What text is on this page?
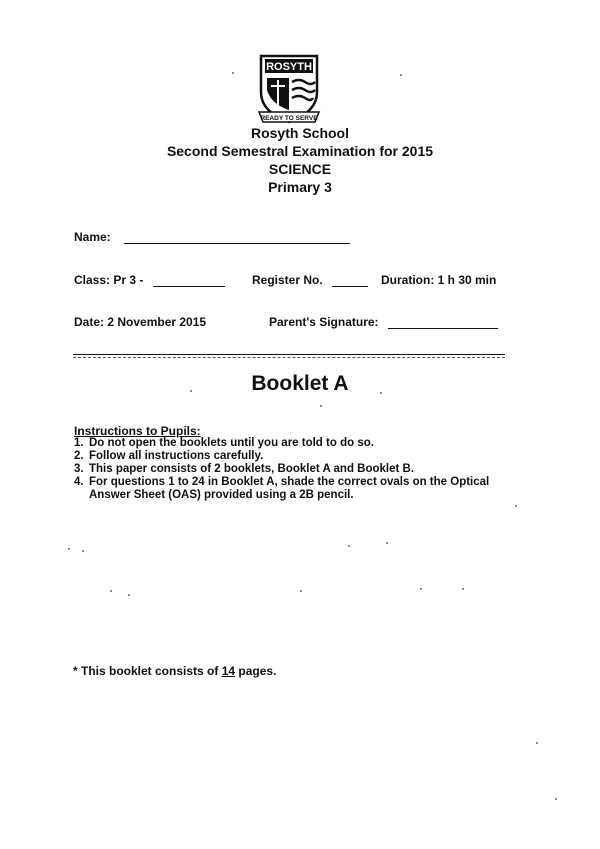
ROSYTH
READY TO SERVE
Rosyth School
Second Semestral Examination for 2015
SCIENCE
Primary 3
Name:
Class: Pr 3 -	Register No.	Duration: 1 h 30 min
Date: 2 November 2015	Parent's Signature:
Booklet A
Instructions to Pupils:
1. Do not open the booklets until you are told to do so.
2. Follow all instructions carefully.
3. This paper consists of 2 booklets, Booklet A and Booklet B.
4. For questions 1 to 24 in Booklet A, shade the correct ovals on the Optical Answer Sheet (OAS) provided using a 2B pencil.
* This booklet consists of 14 pages.
